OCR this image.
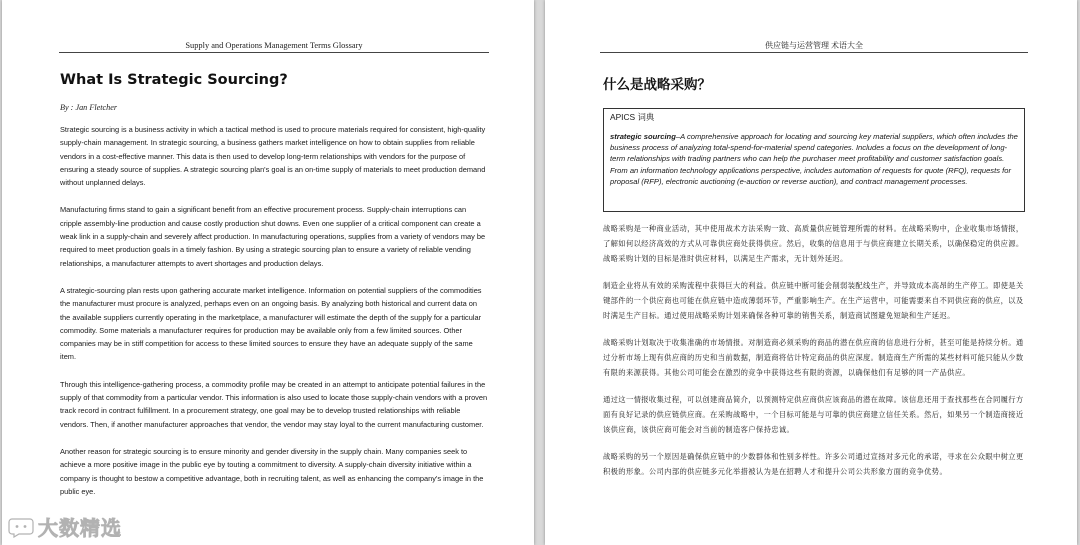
Supply and Operations Management Terms Glossary
What Is Strategic Sourcing?
By : Jan Fletcher

Strategic sourcing is a business activity in which a tactical method is used to procure materials required for consistent, high-quality supply-chain management. In strategic sourcing, a business gathers market intelligence on how to obtain supplies from reliable vendors in a cost-effective manner. This data is then used to develop long-term relationships with vendors for the purpose of ensuring a steady source of supplies. A strategic sourcing plan's goal is an on-time supply of materials to meet production demand without unplanned delays.

Manufacturing firms stand to gain a significant benefit from an effective procurement process. Supply-chain interruptions can cripple assembly-line production and cause costly production shut downs. Even one supplier of a critical component can create a weak link in a supply-chain and severely affect production. In manufacturing operations, supplies from a variety of vendors may be required to meet production goals in a timely fashion. By using a strategic sourcing plan to ensure a variety of reliable vending relationships, a manufacturer attempts to avert shortages and production delays.

A strategic-sourcing plan rests upon gathering accurate market intelligence. Information on potential suppliers of the commodities the manufacturer must procure is analyzed, perhaps even on an ongoing basis. By analyzing both historical and current data on the available suppliers currently operating in the marketplace, a manufacturer will estimate the depth of the supply for a particular commodity. Some materials a manufacturer requires for production may be available only from a few limited sources. Other companies may be in stiff competition for access to these limited sources to ensure they have an adequate supply of the same item.

Through this intelligence-gathering process, a commodity profile may be created in an attempt to anticipate potential failures in the supply of that commodity from a particular vendor. This information is also used to locate those supply-chain vendors with a proven track record in contract fulfillment. In a procurement strategy, one goal may be to develop trusted relationships with reliable vendors. Then, if another manufacturer approaches that vendor, the vendor may stay loyal to the current manufacturing customer.

Another reason for strategic sourcing is to ensure minority and gender diversity in the supply chain. Many companies seek to achieve a more positive image in the public eye by touting a commitment to diversity. A supply-chain diversity initiative within a company is thought to bestow a competitive advantage, both in recruiting talent, as well as enhancing the company's image in the public eye.

供应链与运营管理 术语大全
什么是战略采购？
APICS 词典
strategic sourcing–A comprehensive approach for locating and sourcing key material suppliers, which often includes the business process of analyzing total-spend-for-material spend categories. Includes a focus on the development of long-term relationships with trading partners who can help the purchaser meet profitability and customer satisfaction goals. From an information technology applications perspective, includes automation of requests for quote (RFQ), requests for proposal (RFP), electronic auctioning (e-auction or reverse auction), and contract management processes.

战略采购是一种商业活动，其中使用战术方法采购一致、高质量供应链管理所需的材料。在战略采购中，企业收集市场情报，了解如何以经济高效的方式从可靠供应商处获得供应。然后，收集的信息用于与供应商建立长期关系，以确保稳定的供应源。战略采购计划的目标是准时供应材料，以满足生产需求，无计划外延迟。

制造企业将从有效的采购流程中获得巨大的利益。供应链中断可能会削弱装配线生产，并导致成本高昂的生产停工。即使是关键部件的一个供应商也可能在供应链中造成薄弱环节，严重影响生产。在生产运营中，可能需要来自不同供应商的供应，以及时满足生产目标。通过使用战略采购计划来确保各种可靠的销售关系，制造商试图避免短缺和生产延迟。

战略采购计划取决于收集准确的市场情报。对制造商必须采购的商品的潜在供应商的信息进行分析，甚至可能是持续分析。通过分析市场上现有供应商的历史和当前数据，制造商将估计特定商品的供应深度。制造商生产所需的某些材料可能只能从少数有限的来源获得。其他公司可能会在激烈的竞争中获得这些有限的资源，以确保他们有足够的同一产品供应。

通过这一情报收集过程，可以创建商品简介，以预测特定供应商供应该商品的潜在故障。该信息还用于查找那些在合同履行方面有良好记录的供应链供应商。在采购战略中，一个目标可能是与可靠的供应商建立信任关系。然后，如果另一个制造商接近该供应商，该供应商可能会对当前的制造客户保持忠诚。

战略采购的另一个原因是确保供应链中的少数群体和性别多样性。许多公司通过宣扬对多元化的承诺，寻求在公众眼中树立更积极的形象。公司内部的供应链多元化举措被认为是在招聘人才和提升公司公共形象方面的竞争优势。

大数精选
